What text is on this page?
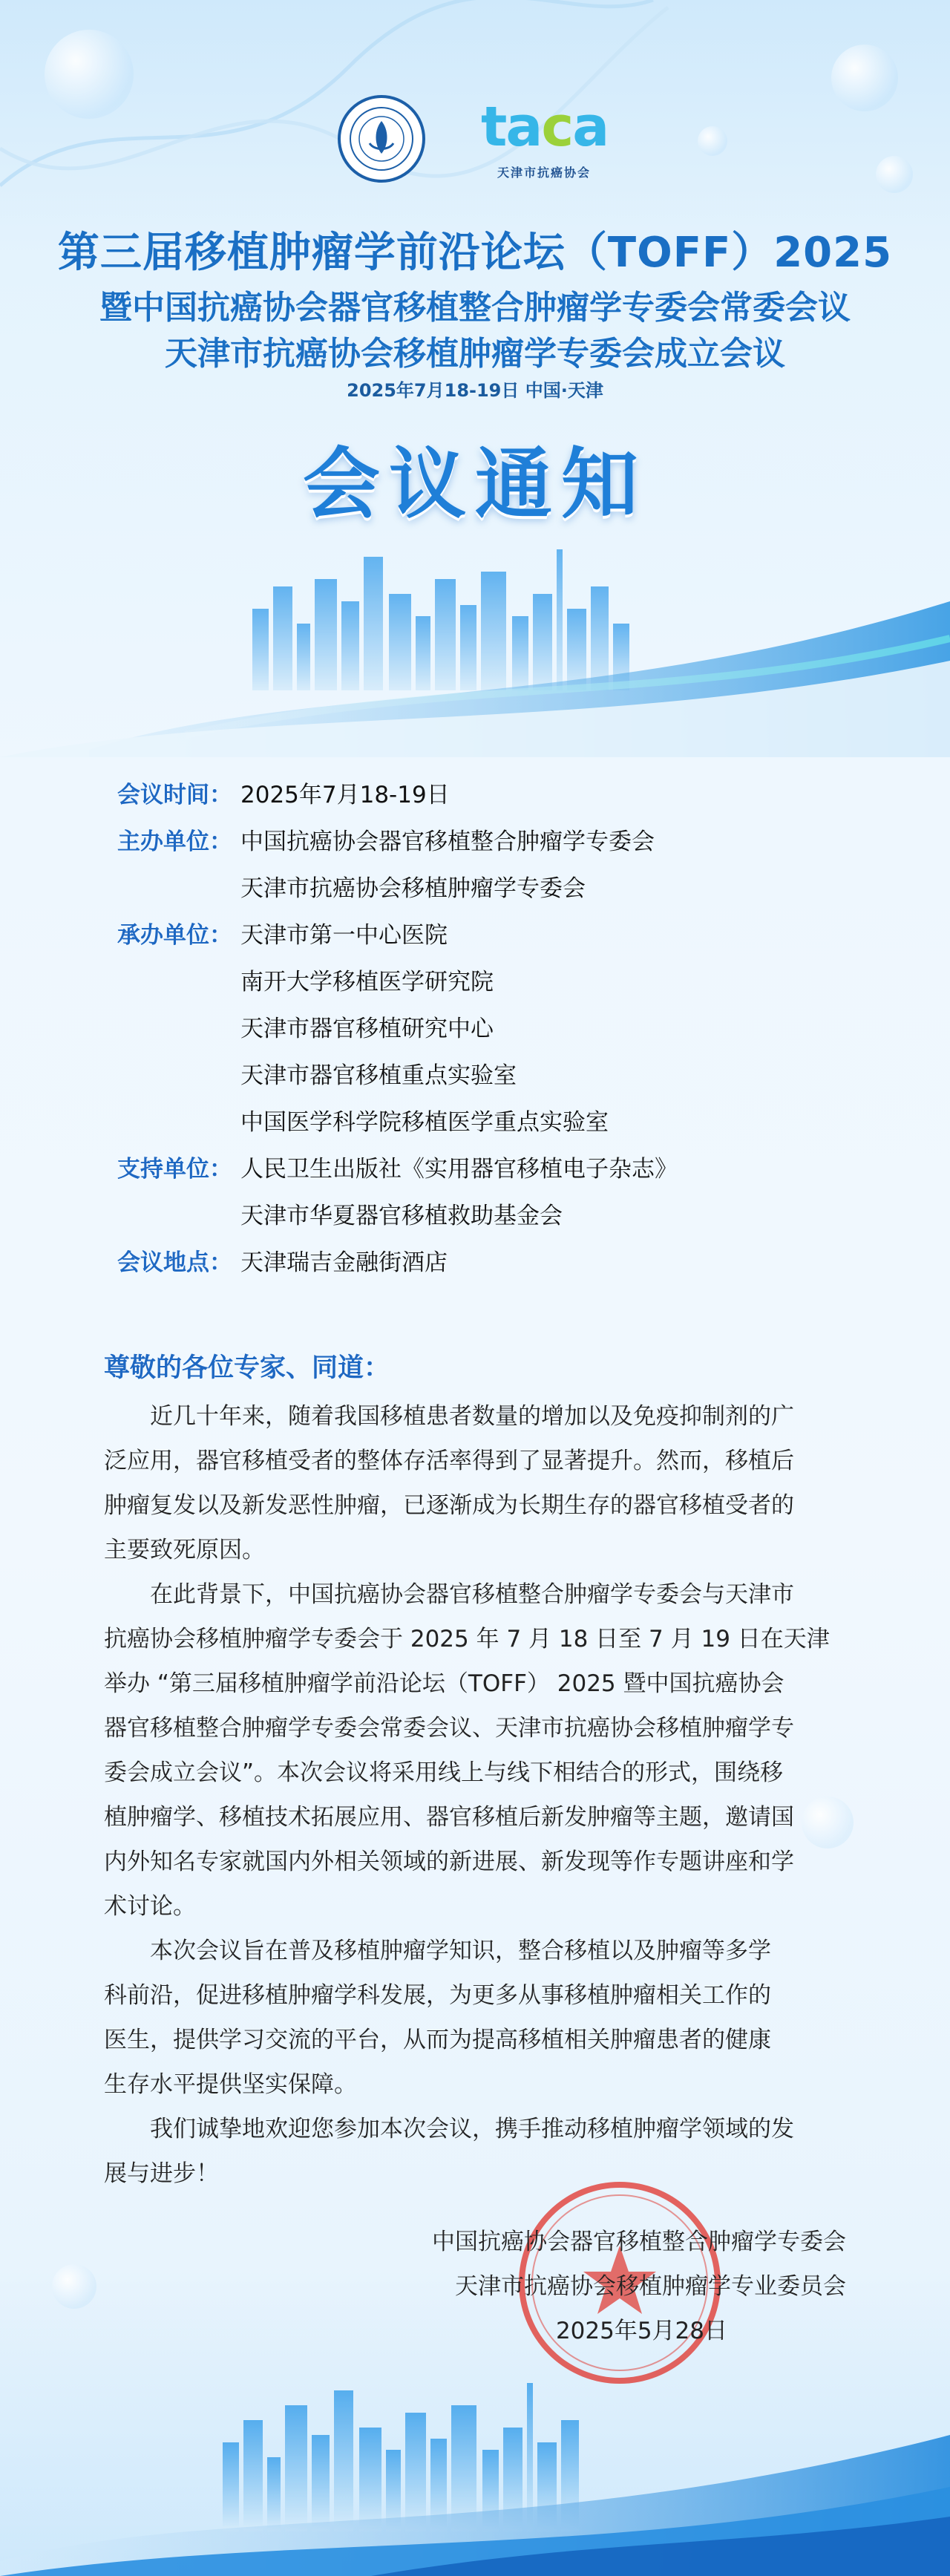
taca
天津市抗癌协会
第三届移植肿瘤学前沿论坛（TOFF）2025
暨中国抗癌协会器官移植整合肿瘤学专委会常委会议
天津市抗癌协会移植肿瘤学专委会成立会议
2025年7月18-19日 中国·天津
会议通知
会议时间： 2025年7月18-19日
主办单位： 中国抗癌协会器官移植整合肿瘤学专委会
天津市抗癌协会移植肿瘤学专委会
承办单位： 天津市第一中心医院
南开大学移植医学研究院
天津市器官移植研究中心
天津市器官移植重点实验室
中国医学科学院移植医学重点实验室
支持单位： 人民卫生出版社《实用器官移植电子杂志》
天津市华夏器官移植救助基金会
会议地点： 天津瑞吉金融街酒店
尊敬的各位专家、同道：
　　近几十年来，随着我国移植患者数量的增加以及免疫抑制剂的广
泛应用，器官移植受者的整体存活率得到了显著提升。然而，移植后
肿瘤复发以及新发恶性肿瘤，已逐渐成为长期生存的器官移植受者的
主要致死原因。
　　在此背景下，中国抗癌协会器官移植整合肿瘤学专委会与天津市
抗癌协会移植肿瘤学专委会于 2025 年 7 月 18 日至 7 月 19 日在天津
举办 “第三届移植肿瘤学前沿论坛（TOFF） 2025 暨中国抗癌协会
器官移植整合肿瘤学专委会常委会议、天津市抗癌协会移植肿瘤学专
委会成立会议”。本次会议将采用线上与线下相结合的形式，围绕移
植肿瘤学、移植技术拓展应用、器官移植后新发肿瘤等主题，邀请国
内外知名专家就国内外相关领域的新进展、新发现等作专题讲座和学
术讨论。
　　本次会议旨在普及移植肿瘤学知识，整合移植以及肿瘤等多学
科前沿，促进移植肿瘤学科发展，为更多从事移植肿瘤相关工作的
医生，提供学习交流的平台，从而为提高移植相关肿瘤患者的健康
生存水平提供坚实保障。
　　我们诚挚地欢迎您参加本次会议，携手推动移植肿瘤学领域的发
展与进步！
中国抗癌协会器官移植整合肿瘤学专委会
天津市抗癌协会移植肿瘤学专业委员会
2025年5月28日
